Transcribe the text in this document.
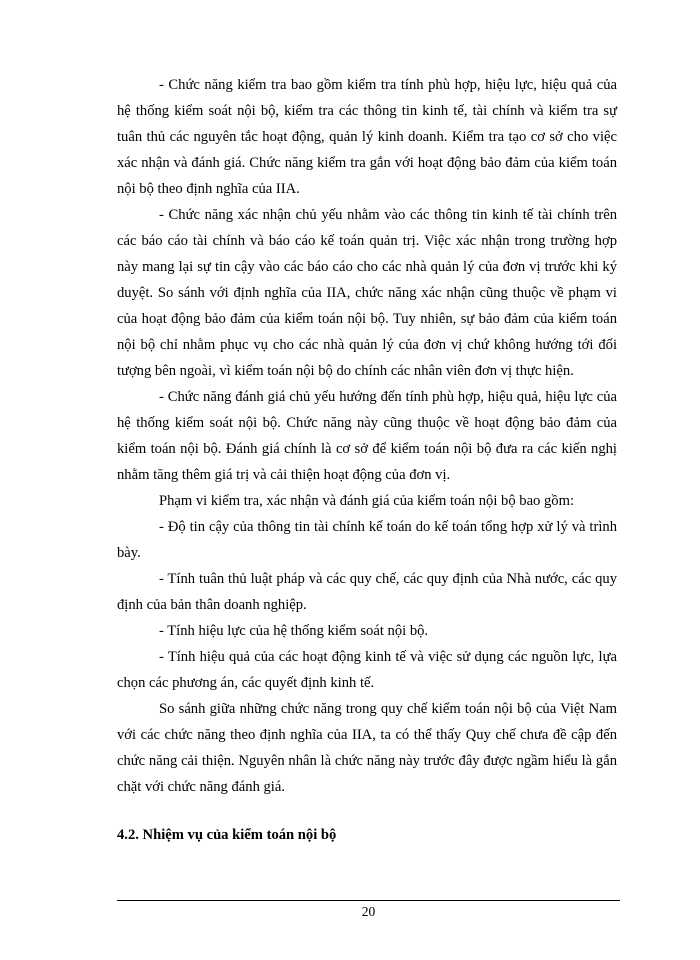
- Chức năng kiểm tra bao gồm kiểm tra tính phù hợp, hiệu lực, hiệu quả của hệ thống kiểm soát nội bộ, kiểm tra các thông tin kinh tế, tài chính và kiểm tra sự tuân thủ các nguyên tắc hoạt động, quản lý kinh doanh. Kiểm tra tạo cơ sở cho việc xác nhận và đánh giá. Chức năng kiểm tra gắn với hoạt động bảo đảm của kiểm toán nội bộ theo định nghĩa của IIA.

- Chức năng xác nhận chủ yếu nhằm vào các thông tin kinh tế tài chính trên các báo cáo tài chính và báo cáo kế toán quản trị. Việc xác nhận trong trường hợp này mang lại sự tin cậy vào các báo cáo cho các nhà quản lý của đơn vị trước khi ký duyệt. So sánh với định nghĩa của IIA, chức năng xác nhận cũng thuộc về phạm vi của hoạt động bảo đảm của kiểm toán nội bộ. Tuy nhiên, sự bảo đảm của kiểm toán nội bộ chỉ nhằm phục vụ cho các nhà quản lý của đơn vị chứ không hướng tới đối tượng bên ngoài, vì kiểm toán nội bộ do chính các nhân viên đơn vị thực hiện.

- Chức năng đánh giá chủ yếu hướng đến tính phù hợp, hiệu quả, hiệu lực của hệ thống kiểm soát nội bộ. Chức năng này cũng thuộc về hoạt động bảo đảm của kiểm toán nội bộ. Đánh giá chính là cơ sở để kiểm toán nội bộ đưa ra các kiến nghị nhằm tăng thêm giá trị và cải thiện hoạt động của đơn vị.

Phạm vi kiểm tra, xác nhận và đánh giá của kiểm toán nội bộ bao gồm:

- Độ tin cậy của thông tin tài chính kế toán do kế toán tổng hợp xử lý và trình bày.

- Tính tuân thủ luật pháp và các quy chế, các quy định của Nhà nước, các quy định của bản thân doanh nghiệp.

- Tính hiệu lực của hệ thống kiểm soát nội bộ.

- Tính hiệu quả của các hoạt động kinh tế và việc sử dụng các nguồn lực, lựa chọn các phương án, các quyết định kinh tế.

So sánh giữa những chức năng trong quy chế kiểm toán nội bộ của Việt Nam với các chức năng theo định nghĩa của IIA, ta có thể thấy Quy chế chưa đề cập đến chức năng cải thiện. Nguyên nhân là chức năng này trước đây được ngầm hiểu là gắn chặt với chức năng đánh giá.

4.2. Nhiệm vụ của kiểm toán nội bộ
20
